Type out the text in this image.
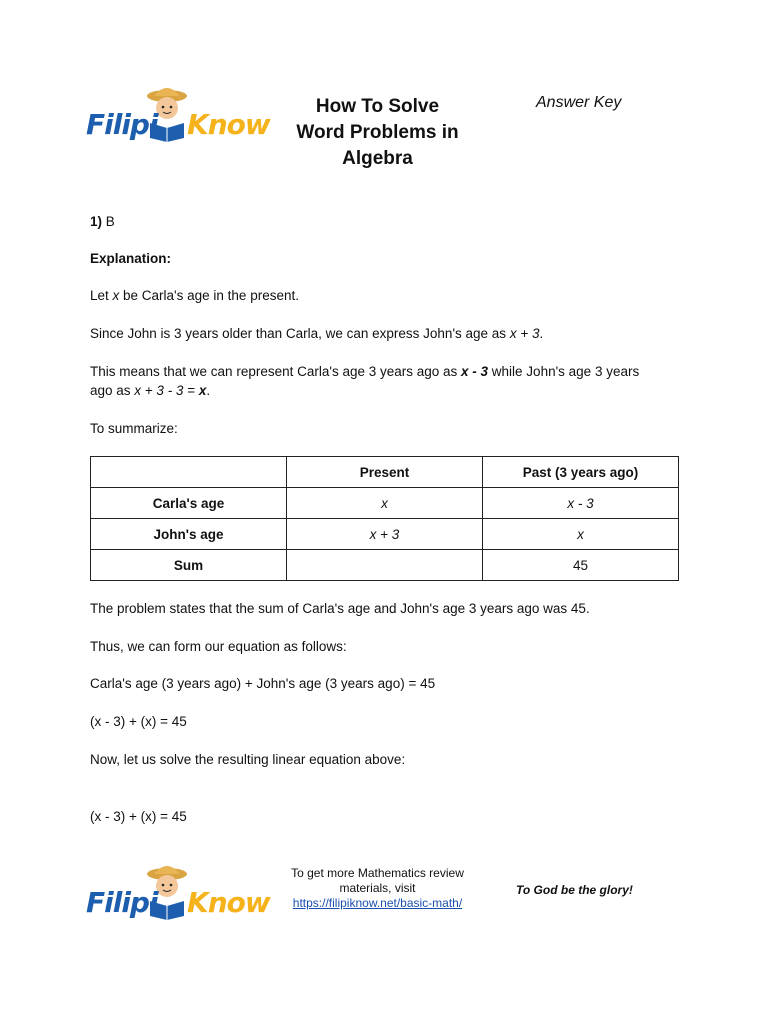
Filipi Know
How To Solve
Word Problems in
Algebra
Answer Key
1) B
Explanation:
Let x be Carla's age in the present.
Since John is 3 years older than Carla, we can express John's age as x + 3.
This means that we can represent Carla's age 3 years ago as x - 3 while John's age 3 years ago as x + 3 - 3 = x.
To summarize:
	Present	Past (3 years ago)
Carla's age	x	x - 3
John's age	x + 3	x
Sum		45
The problem states that the sum of Carla's age and John's age 3 years ago was 45.
Thus, we can form our equation as follows:
Carla's age (3 years ago) + John's age (3 years ago) = 45
(x - 3) + (x) = 45
Now, let us solve the resulting linear equation above:
(x - 3) + (x) = 45
Filipi Know
To get more Mathematics review
materials, visit
https://filipiknow.net/basic-math/
To God be the glory!
